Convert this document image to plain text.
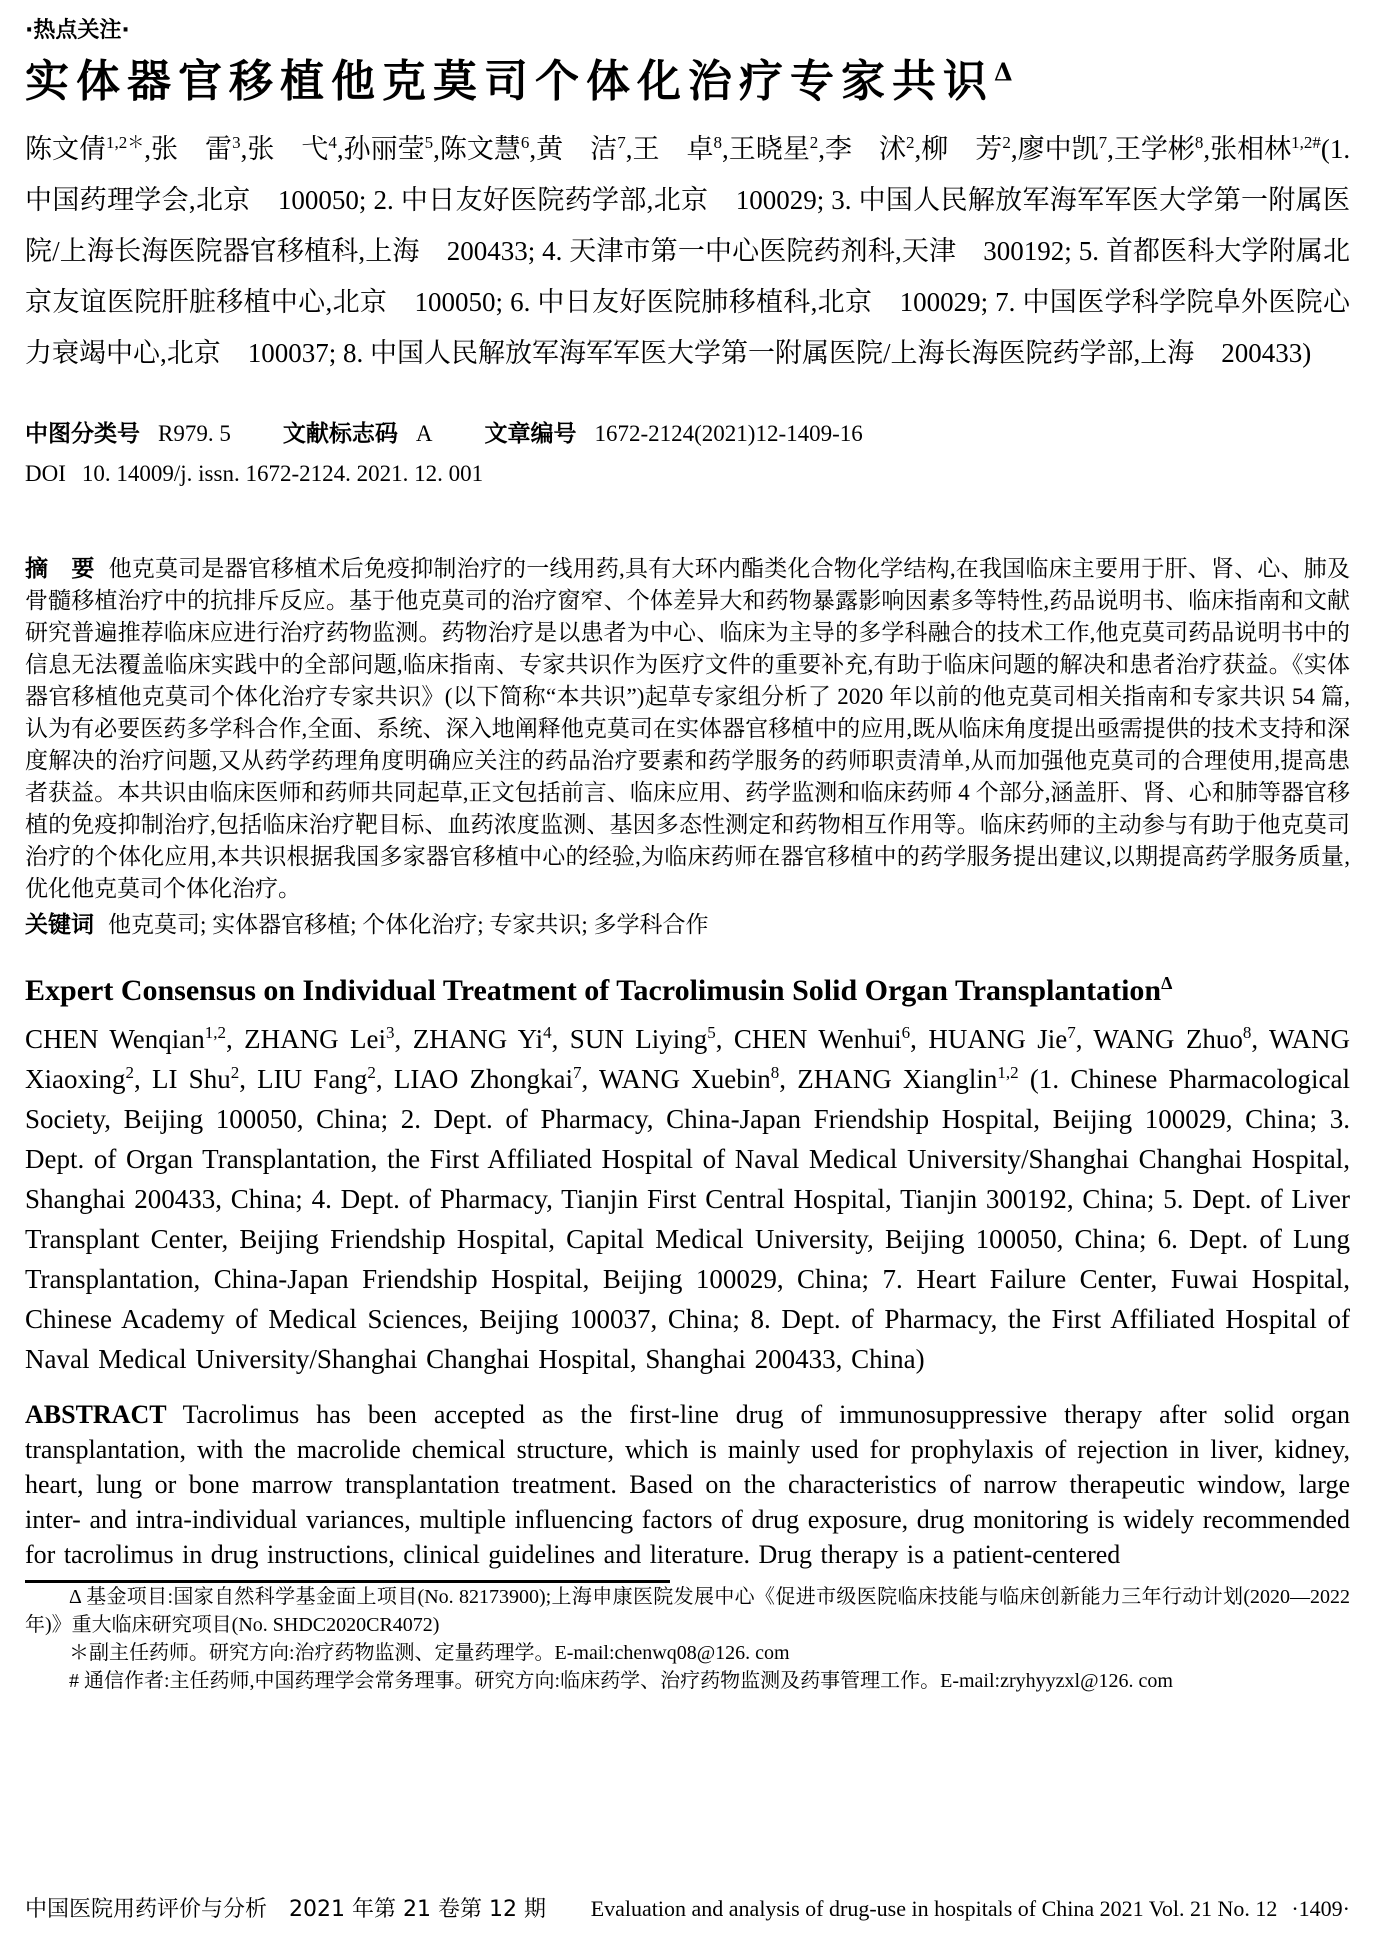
·热点关注·
实体器官移植他克莫司个体化治疗专家共识$^\Delta$

陈文倩$^{1,2*}$,张　雷$^3$,张　弋$^4$,孙丽莹$^5$,陈文慧$^6$,黄　洁$^7$,王　卓$^8$,王晓星$^2$,李　沭$^2$,柳　芳$^2$,廖中凯$^7$,王学彬$^8$,张相林$^{1,2\#}$(1. 中国药理学会,北京　100050; 2. 中日友好医院药学部,北京　100029; 3. 中国人民解放军海军军医大学第一附属医院/上海长海医院器官移植科,上海　200433; 4. 天津市第一中心医院药剂科,天津　300192; 5. 首都医科大学附属北京友谊医院肝脏移植中心,北京　100050; 6. 中日友好医院肺移植科,北京　100029; 7. 中国医学科学院阜外医院心力衰竭中心,北京　100037; 8. 中国人民解放军海军军医大学第一附属医院/上海长海医院药学部,上海　200433)

中图分类号 R979. 5 文献标志码 A 文章编号 1672-2124(2021)12-1409-16

DOI 10. 14009/j. issn. 1672-2124. 2021. 12. 001

摘　要 他克莫司是器官移植术后免疫抑制治疗的一线用药,具有大环内酯类化合物化学结构,在我国临床主要用于肝、肾、心、肺及骨髓移植治疗中的抗排斥反应。基于他克莫司的治疗窗窄、个体差异大和药物暴露影响因素多等特性,药品说明书、临床指南和文献研究普遍推荐临床应进行治疗药物监测。药物治疗是以患者为中心、临床为主导的多学科融合的技术工作,他克莫司药品说明书中的信息无法覆盖临床实践中的全部问题,临床指南、专家共识作为医疗文件的重要补充,有助于临床问题的解决和患者治疗获益。《实体器官移植他克莫司个体化治疗专家共识》(以下简称“本共识”)起草专家组分析了 2020 年以前的他克莫司相关指南和专家共识 54 篇,认为有必要医药多学科合作,全面、系统、深入地阐释他克莫司在实体器官移植中的应用,既从临床角度提出亟需提供的技术支持和深度解决的治疗问题,又从药学药理角度明确应关注的药品治疗要素和药学服务的药师职责清单,从而加强他克莫司的合理使用,提高患者获益。本共识由临床医师和药师共同起草,正文包括前言、临床应用、药学监测和临床药师 4 个部分,涵盖肝、肾、心和肺等器官移植的免疫抑制治疗,包括临床治疗靶目标、血药浓度监测、基因多态性测定和药物相互作用等。临床药师的主动参与有助于他克莫司治疗的个体化应用,本共识根据我国多家器官移植中心的经验,为临床药师在器官移植中的药学服务提出建议,以期提高药学服务质量,优化他克莫司个体化治疗。

关键词 他克莫司; 实体器官移植; 个体化治疗; 专家共识; 多学科合作

Expert Consensus on Individual Treatment of Tacrolimusin Solid Organ Transplantation$^\Delta$

CHEN Wenqian$^{1,2}$, ZHANG Lei$^3$, ZHANG Yi$^4$, SUN Liying$^5$, CHEN Wenhui$^6$, HUANG Jie$^7$, WANG Zhuo$^8$, WANG Xiaoxing$^2$, LI Shu$^2$, LIU Fang$^2$, LIAO Zhongkai$^7$, WANG Xuebin$^8$, ZHANG Xianglin$^{1,2}$ (1. Chinese Pharmacological Society, Beijing 100050, China; 2. Dept. of Pharmacy, China-Japan Friendship Hospital, Beijing 100029, China; 3. Dept. of Organ Transplantation, the First Affiliated Hospital of Naval Medical University/Shanghai Changhai Hospital, Shanghai 200433, China; 4. Dept. of Pharmacy, Tianjin First Central Hospital, Tianjin 300192, China; 5. Dept. of Liver Transplant Center, Beijing Friendship Hospital, Capital Medical University, Beijing 100050, China; 6. Dept. of Lung Transplantation, China-Japan Friendship Hospital, Beijing 100029, China; 7. Heart Failure Center, Fuwai Hospital, Chinese Academy of Medical Sciences, Beijing 100037, China; 8. Dept. of Pharmacy, the First Affiliated Hospital of Naval Medical University/Shanghai Changhai Hospital, Shanghai 200433, China)

ABSTRACT Tacrolimus has been accepted as the first-line drug of immunosuppressive therapy after solid organ transplantation, with the macrolide chemical structure, which is mainly used for prophylaxis of rejection in liver, kidney, heart, lung or bone marrow transplantation treatment. Based on the characteristics of narrow therapeutic window, large inter- and intra-individual variances, multiple influencing factors of drug exposure, drug monitoring is widely recommended for tacrolimus in drug instructions, clinical guidelines and literature. Drug therapy is a patient-centered

Δ 基金项目:国家自然科学基金面上项目(No. 82173900);上海申康医院发展中心《促进市级医院临床技能与临床创新能力三年行动计划(2020—2022 年)》重大临床研究项目(No. SHDC2020CR4072)

＊副主任药师。研究方向:治疗药物监测、定量药理学。E-mail:chenwq08@126. com

# 通信作者:主任药师,中国药理学会常务理事。研究方向:临床药学、治疗药物监测及药事管理工作。E-mail:zryhyyzxl@126. com

中国医院用药评价与分析　2021 年第 21 卷第 12 期 Evaluation and analysis of drug-use in hospitals of China 2021 Vol. 21 No. 12 ·1409·
